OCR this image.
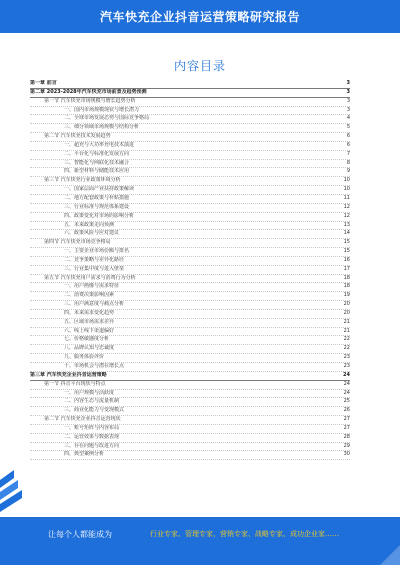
汽车快充企业抖音运营策略研究报告
内容目录
第一章 前言	3
第二章 2023-2028年汽车快充市场前景及趋势预测	3
第一节 汽车快充市场规模与增长趋势分析	3
一、国内市场规模现状与增长潜力	3
二、全球市场发展态势与国际竞争格局	4
三、细分领域市场规模与结构分析	5
第二节 汽车快充技术发展趋势	6
一、超充与大功率充电技术演进	6
二、平台化与标准化发展方向	7
三、智能化与网联化技术融合	8
四、新型材料与储能技术应用	9
第三节 汽车快充行业政策环境分析	10
一、国家层面产业扶持政策解读	10
二、地方配套政策与补贴措施	11
三、行业标准与规范体系建设	12
四、政策变化对市场的影响分析	12
五、未来政策走向预测	13
六、政策风险与应对建议	14
第四节 汽车快充市场竞争格局	15
一、主要企业市场份额与排名	15
二、竞争策略与差异化路径	16
三、行业集中度与进入壁垒	17
第五节 汽车快充用户需求与消费行为分析	18
一、用户画像与需求特征	18
二、消费决策影响因素	19
三、用户满意度与痛点分析	20
四、未来需求变化趋势	20
五、区域市场需求差异	21
六、线上线下渠道偏好	21
七、价格敏感度分析	22
八、品牌认知与忠诚度	22
九、服务体验评价	23
十、市场机会与潜在增长点	23
第三章 汽车快充企业抖音运营策略	24
第一节 抖音平台现状与特点	24
一、用户规模与活跃度	24
二、内容生态与流量机制	25
三、商业化能力与变现模式	26
第二节 汽车快充企业抖音运营现状	27
一、账号矩阵与内容布局	27
二、运营效果与数据表现	28
三、存在问题与改进方向	29
四、典型案例分析	30
让每个人都能成为	行业专家、管理专家、营销专家、战略专家、成功企业家……
